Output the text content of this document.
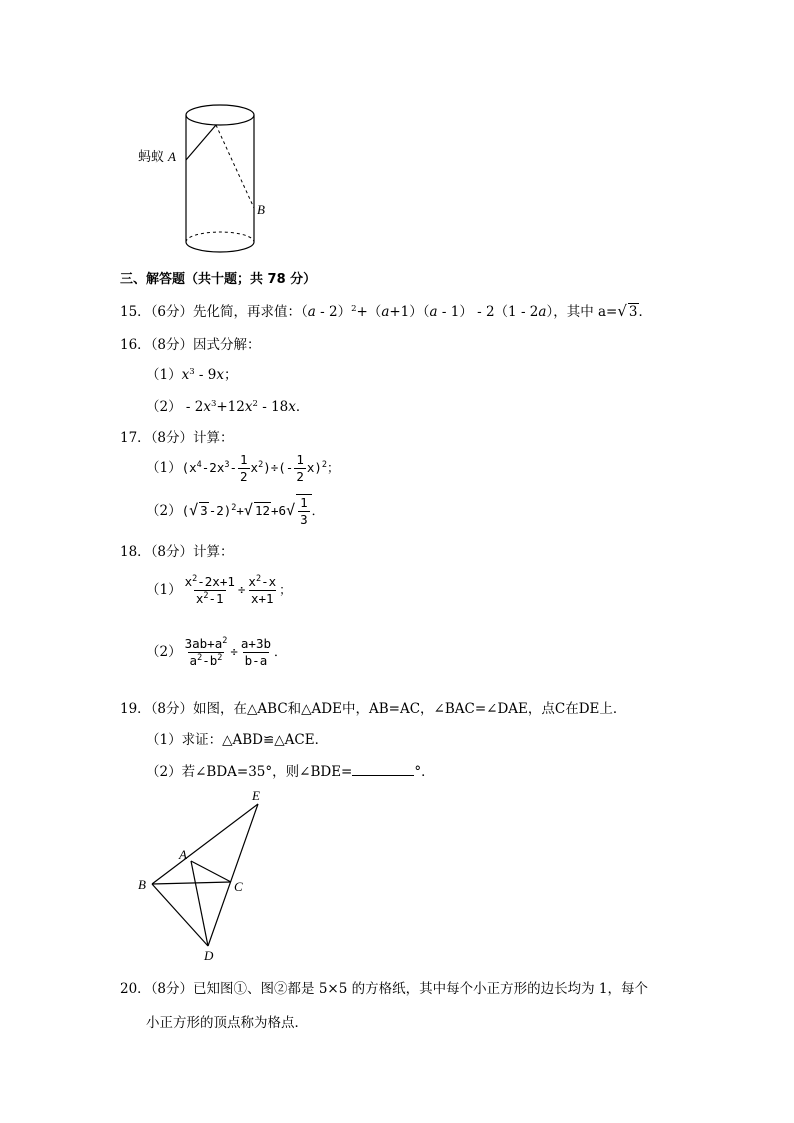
蚂蚁 A
B
三、解答题（共十题；共 78 分）
15．（6分）先化简，再求值：（a - 2）$^2$+（a+1）（a - 1） - 2（1 - 2a），其中 a=√ 3．
16．（8分）因式分解：
$(1)x^3 - 9x$；
$(2) - 2x^3+12x^2 - 18x$．
17．（8分）计算：
$(1)(x^4-2x^3- \frac{1}{2} x^2)\div(- \frac{1}{2} x)^2$；
（2）(√ 3-2)$^2$+√ $12+6√ \frac{1}{3}$ ．
18．（8分）计算：
$(1) \frac{x^2-2x+1}{x^2-1} \div \frac{x^2-x}{x+1}$ ；
$(2) \frac{3ab+a^2}{a^2-b^2} \div \frac{a+3b}{b-a}$ ．
19．（8分）如图，在△ABC和△ADE中，AB=AC，∠BAC=∠DAE，点C在DE上．
（1）求证：△ABD≌△ACE．
（2）若∠BDA=35°，则∠BDE=	°．
E
A
B	C
D
20．（8分）已知图①、图②都是 5×5 的方格纸，其中每个小正方形的边长均为 1，每个
小正方形的顶点称为格点．
